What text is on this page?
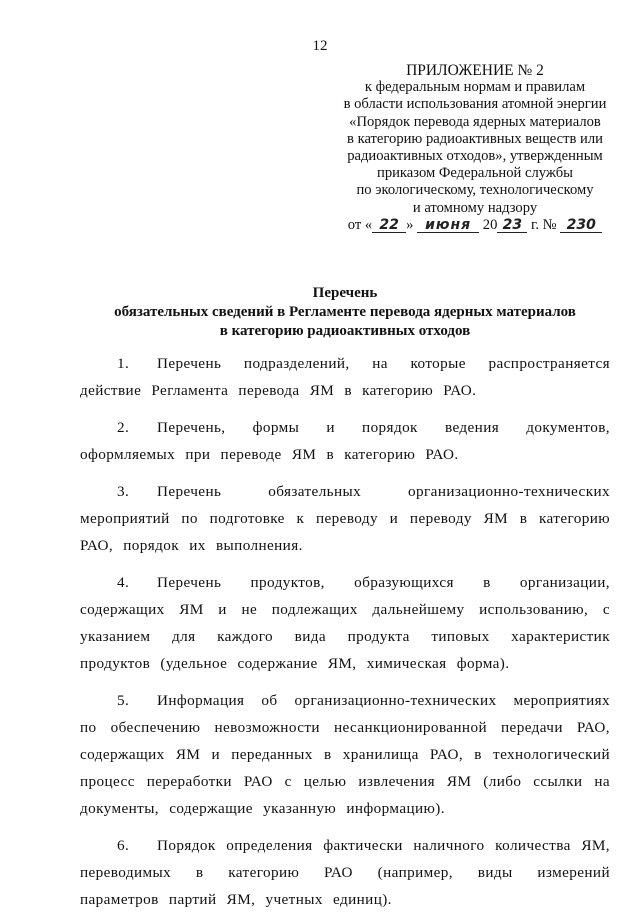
12
ПРИЛОЖЕНИЕ № 2
к федеральным нормам и правилам
в области использования атомной энергии
«Порядок перевода ядерных материалов
в категорию радиоактивных веществ или
радиоактивных отходов», утвержденным
приказом Федеральной службы
по экологическому, технологическому
и атомному надзору
от « 22 » июня 20 23 г. № 230
Перечень
обязательных сведений в Регламенте перевода ядерных материалов
в категорию радиоактивных отходов

1. Перечень подразделений, на которые распространяется действие Регламента перевода ЯМ в категорию РАО.

2. Перечень, формы и порядок ведения документов, оформляемых при переводе ЯМ в категорию РАО.

3. Перечень обязательных организационно-технических мероприятий по подготовке к переводу и переводу ЯМ в категорию РАО, порядок их выполнения.

4. Перечень продуктов, образующихся в организации, содержащих ЯМ и не подлежащих дальнейшему использованию, с указанием для каждого вида продукта типовых характеристик продуктов (удельное содержание ЯМ, химическая форма).

5. Информация об организационно-технических мероприятиях по обеспечению невозможности несанкционированной передачи РАО, содержащих ЯМ и переданных в хранилища РАО, в технологический процесс переработки РАО с целью извлечения ЯМ (либо ссылки на документы, содержащие указанную информацию).

6. Порядок определения фактически наличного количества ЯМ, переводимых в категорию РАО (например, виды измерений параметров партий ЯМ, учетных единиц).
